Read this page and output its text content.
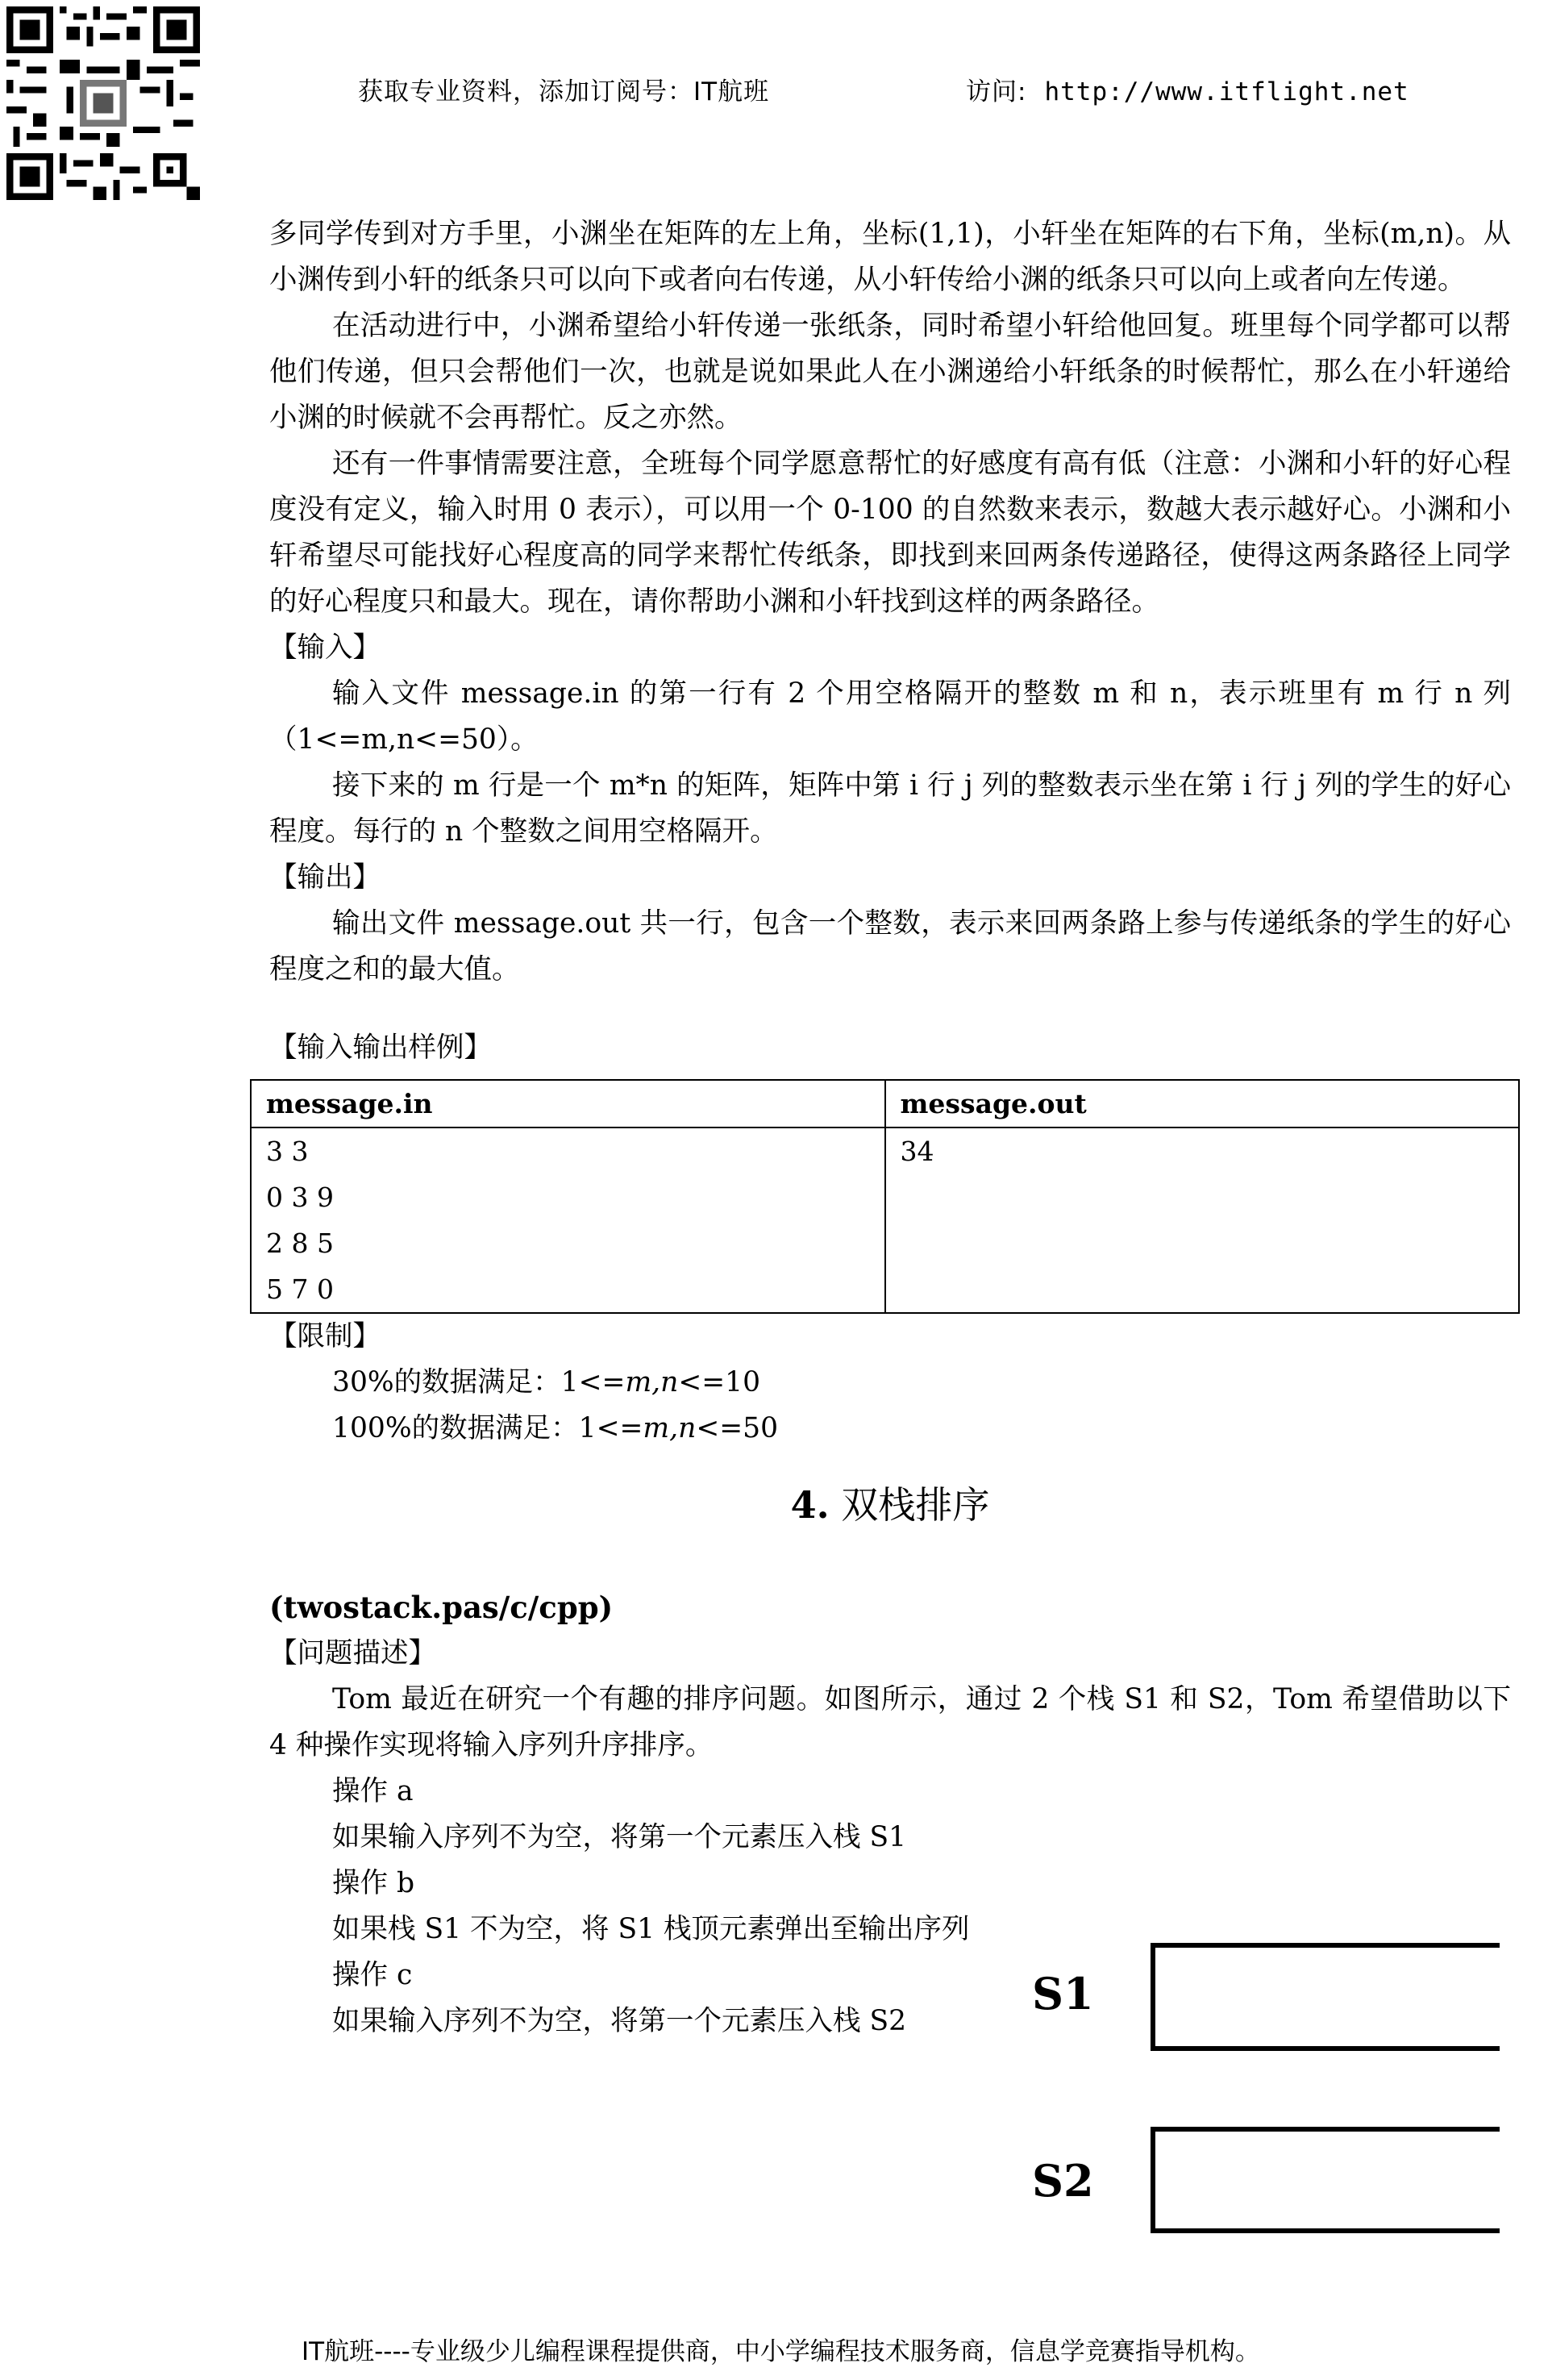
获取专业资料，添加订阅号：IT航班	访问: http://www.itflight.net

多同学传到对方手里，小渊坐在矩阵的左上角，坐标(1,1)，小轩坐在矩阵的右下角，坐标(m,n)。从小渊传到小轩的纸条只可以向下或者向右传递，从小轩传给小渊的纸条只可以向上或者向左传递。

在活动进行中，小渊希望给小轩传递一张纸条，同时希望小轩给他回复。班里每个同学都可以帮他们传递，但只会帮他们一次，也就是说如果此人在小渊递给小轩纸条的时候帮忙，那么在小轩递给小渊的时候就不会再帮忙。反之亦然。

还有一件事情需要注意，全班每个同学愿意帮忙的好感度有高有低（注意：小渊和小轩的好心程度没有定义，输入时用 0 表示），可以用一个 0-100 的自然数来表示，数越大表示越好心。小渊和小轩希望尽可能找好心程度高的同学来帮忙传纸条，即找到来回两条传递路径，使得这两条路径上同学的好心程度只和最大。现在，请你帮助小渊和小轩找到这样的两条路径。

【输入】

输入文件 message.in 的第一行有 2 个用空格隔开的整数 m 和 n，表示班里有 m 行 n 列（1<=m,n<=50）。

接下来的 m 行是一个 m*n 的矩阵，矩阵中第 i 行 j 列的整数表示坐在第 i 行 j 列的学生的好心程度。每行的 n 个整数之间用空格隔开。

【输出】

输出文件 message.out 共一行，包含一个整数，表示来回两条路上参与传递纸条的学生的好心程度之和的最大值。

【输入输出样例】

message.in	message.out

3 3
0 3 9
2 8 5
5 7 0	34

【限制】

30%的数据满足：1<=m,n<=10

100%的数据满足：1<=m,n<=50

4. 双栈排序

(twostack.pas/c/cpp)

【问题描述】

Tom 最近在研究一个有趣的排序问题。如图所示，通过 2 个栈 S1 和 S2，Tom 希望借助以下 4 种操作实现将输入序列升序排序。

操作 a

如果输入序列不为空，将第一个元素压入栈 S1

操作 b

如果栈 S1 不为空，将 S1 栈顶元素弹出至输出序列

操作 c

如果输入序列不为空，将第一个元素压入栈 S2

S1
S2
IT航班----专业级少儿编程课程提供商，中小学编程技术服务商，信息学竞赛指导机构。
